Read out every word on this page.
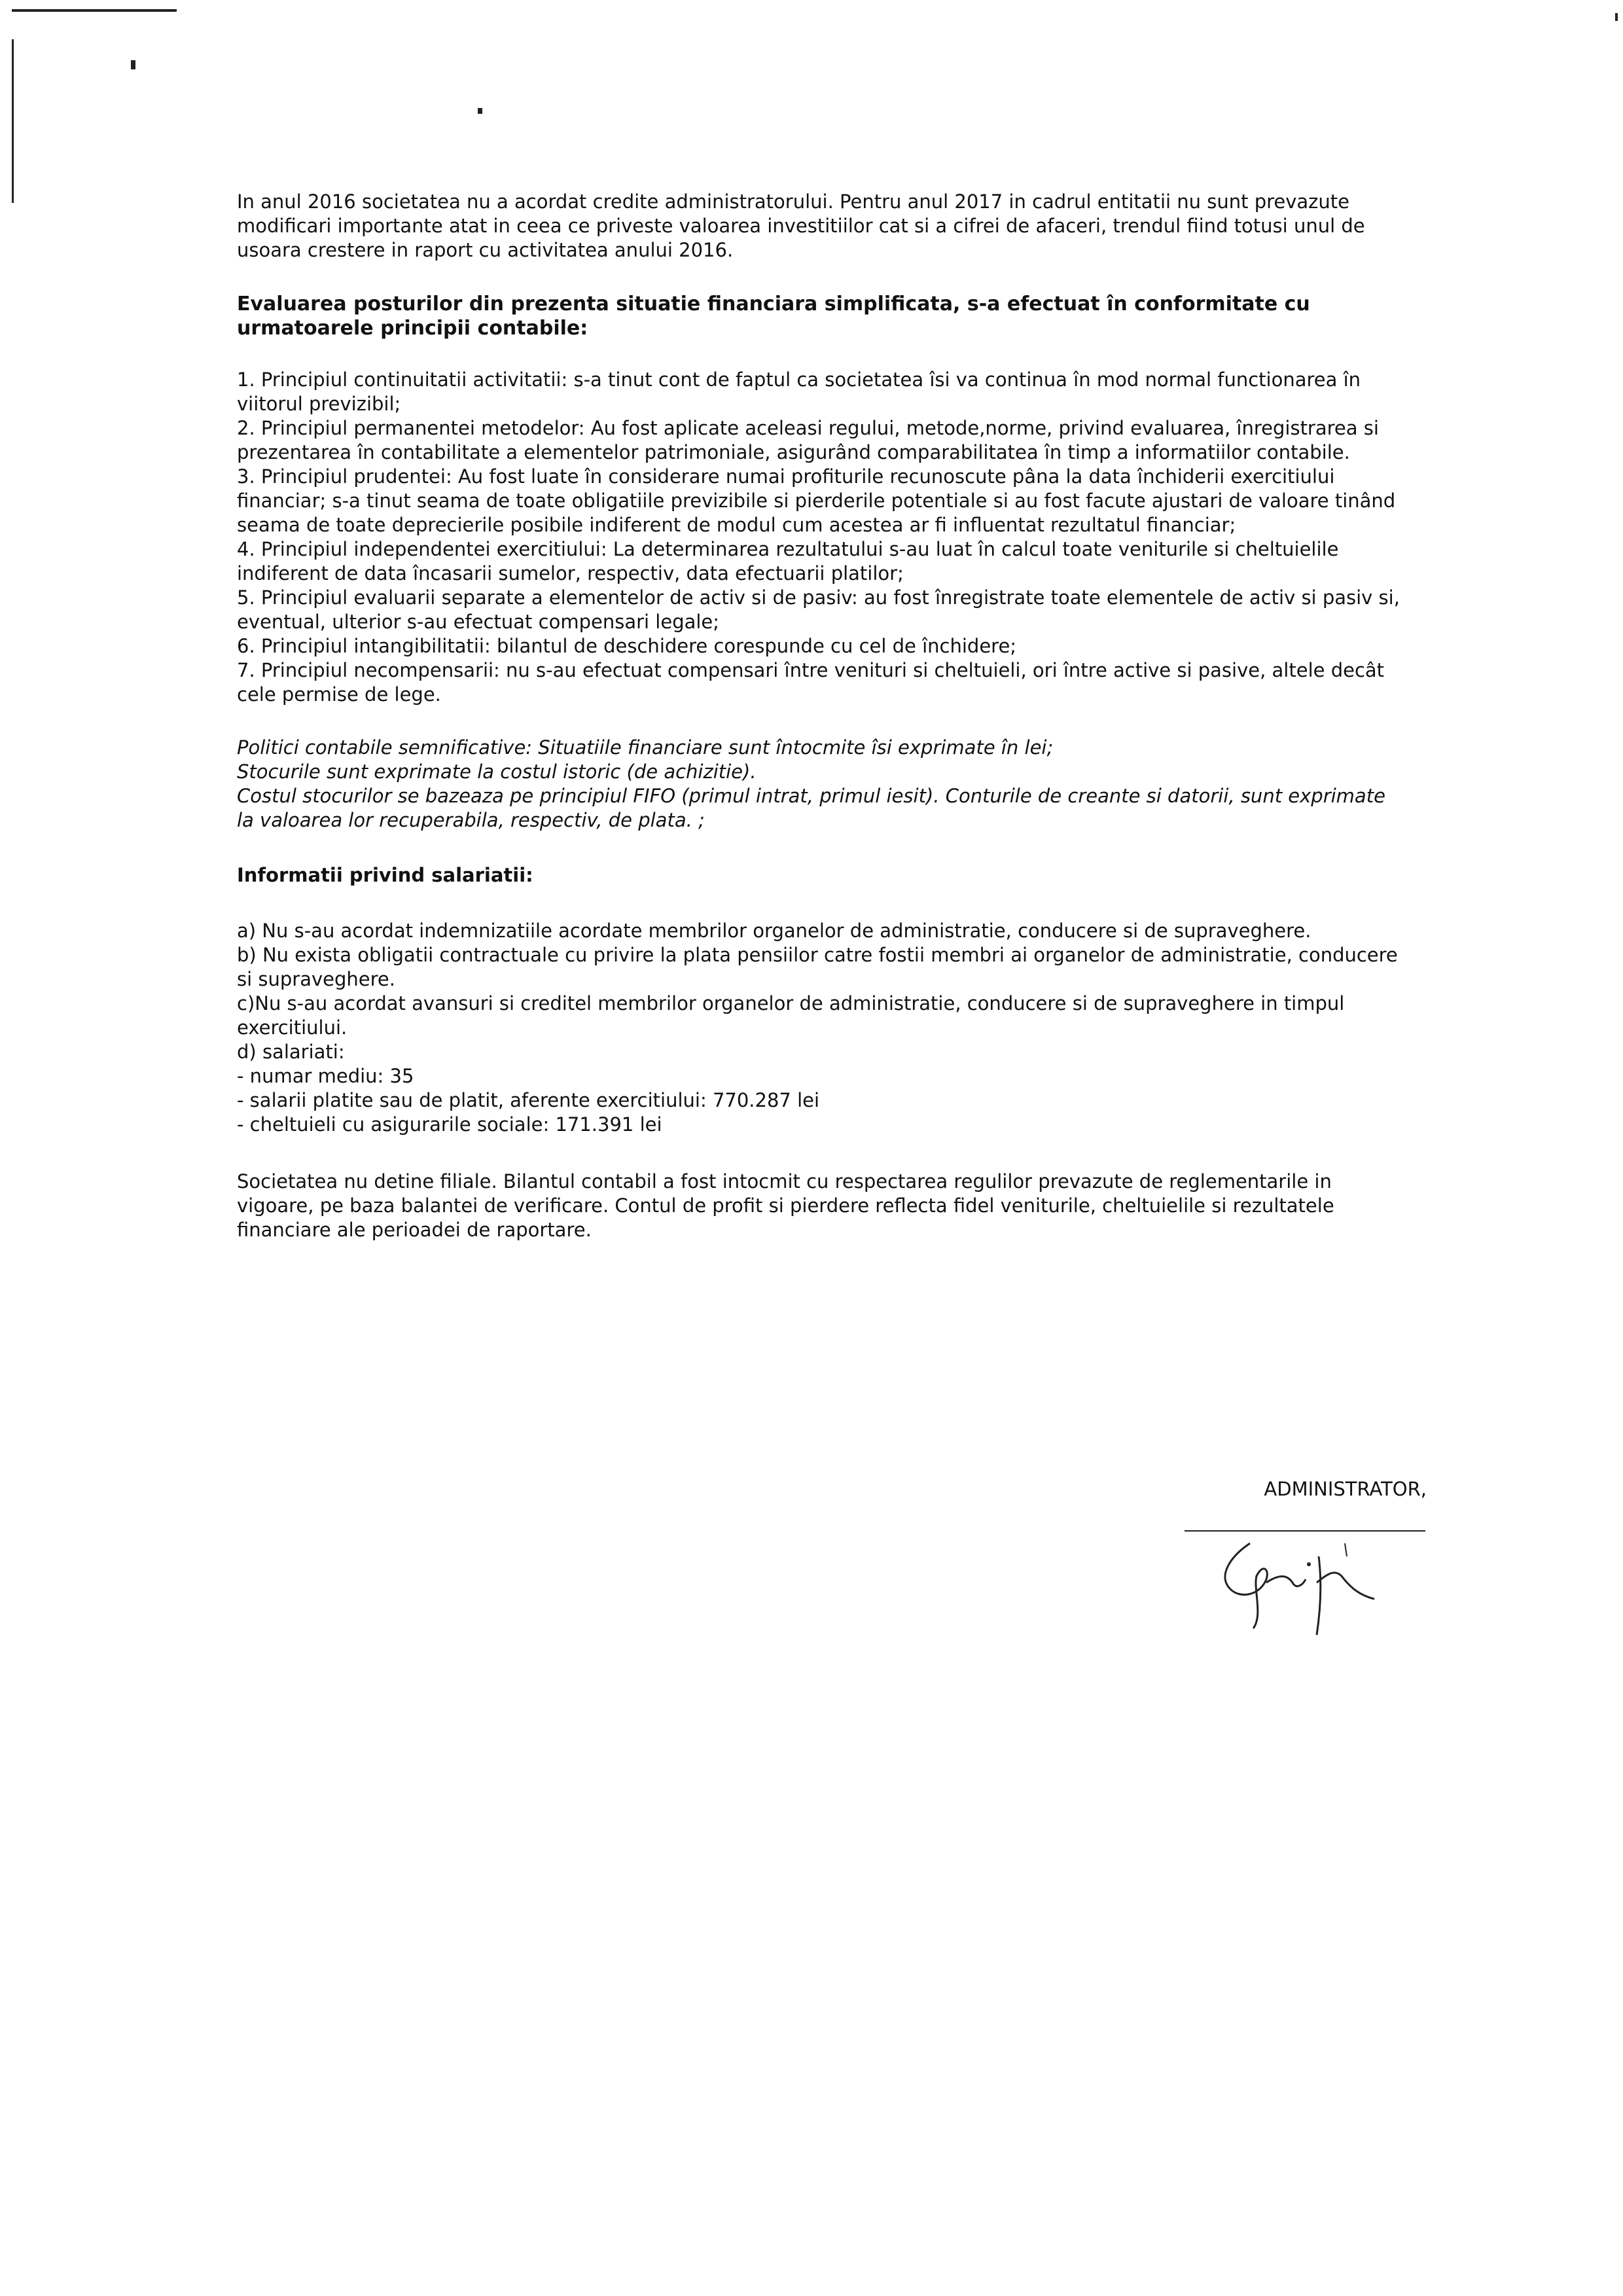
In anul 2016 societatea nu a acordat credite administratorului. Pentru anul 2017 in cadrul entitatii nu sunt prevazute
modificari importante atat in ceea ce priveste valoarea investitiilor cat si a cifrei de afaceri, trendul fiind totusi unul de
usoara crestere in raport cu activitatea anului 2016.
Evaluarea posturilor din prezenta situatie financiara simplificata, s-a efectuat în conformitate cu
urmatoarele principii contabile:
1. Principiul continuitatii activitatii: s-a tinut cont de faptul ca societatea îsi va continua în mod normal functionarea în
viitorul previzibil;
2. Principiul permanentei metodelor: Au fost aplicate aceleasi regului, metode,norme, privind evaluarea, înregistrarea si
prezentarea în contabilitate a elementelor patrimoniale, asigurând comparabilitatea în timp a informatiilor contabile.
3. Principiul prudentei: Au fost luate în considerare numai profiturile recunoscute pâna la data închiderii exercitiului
financiar; s-a tinut seama de toate obligatiile previzibile si pierderile potentiale si au fost facute ajustari de valoare tinând
seama de toate deprecierile posibile indiferent de modul cum acestea ar fi influentat rezultatul financiar;
4. Principiul independentei exercitiului: La determinarea rezultatului s-au luat în calcul toate veniturile si cheltuielile
indiferent de data încasarii sumelor, respectiv, data efectuarii platilor;
5. Principiul evaluarii separate a elementelor de activ si de pasiv: au fost înregistrate toate elementele de activ si pasiv si,
eventual, ulterior s-au efectuat compensari legale;
6. Principiul intangibilitatii: bilantul de deschidere corespunde cu cel de închidere;
7. Principiul necompensarii: nu s-au efectuat compensari între venituri si cheltuieli, ori între active si pasive, altele decât
cele permise de lege.
Politici contabile semnificative: Situatiile financiare sunt întocmite îsi exprimate în lei;
Stocurile sunt exprimate la costul istoric (de achizitie).
Costul stocurilor se bazeaza pe principiul FIFO (primul intrat, primul iesit). Conturile de creante si datorii, sunt exprimate
la valoarea lor recuperabila, respectiv, de plata. ;
Informatii privind salariatii:
a) Nu s-au acordat indemnizatiile acordate membrilor organelor de administratie, conducere si de supraveghere.
b) Nu exista obligatii contractuale cu privire la plata pensiilor catre fostii membri ai organelor de administratie, conducere
si supraveghere.
c)Nu s-au acordat avansuri si creditel membrilor organelor de administratie, conducere si de supraveghere in timpul
exercitiului.
d) salariati:
- numar mediu: 35
- salarii platite sau de platit, aferente exercitiului: 770.287 lei
- cheltuieli cu asigurarile sociale: 171.391 lei
Societatea nu detine filiale. Bilantul contabil a fost intocmit cu respectarea regulilor prevazute de reglementarile in
vigoare, pe baza balantei de verificare. Contul de profit si pierdere reflecta fidel veniturile, cheltuielile si rezultatele
financiare ale perioadei de raportare.
ADMINISTRATOR,
